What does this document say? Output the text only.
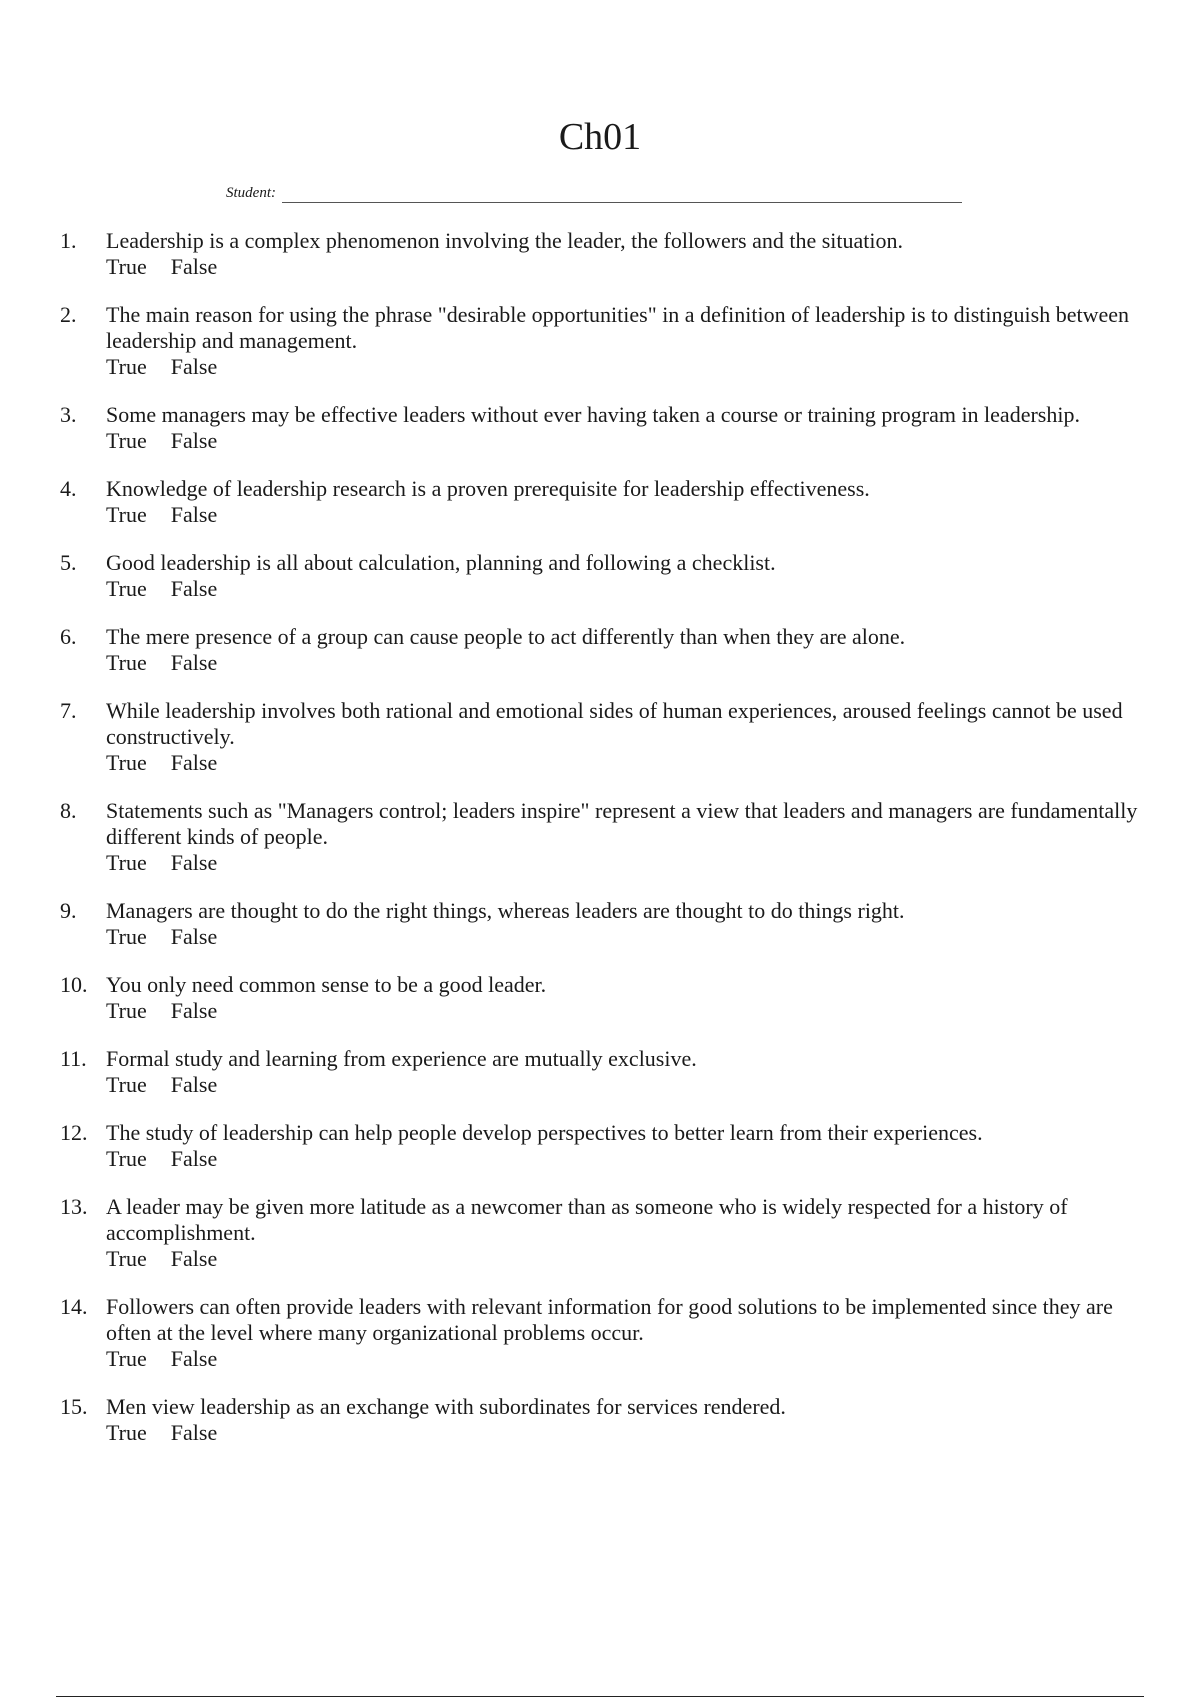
Ch01
Student:
1.	Leadership is a complex phenomenon involving the leader, the followers and the situation.
True False
2.	The main reason for using the phrase "desirable opportunities" in a definition of leadership is to distinguish between leadership and management.
True False
3.	Some managers may be effective leaders without ever having taken a course or training program in leadership.
True False
4.	Knowledge of leadership research is a proven prerequisite for leadership effectiveness.
True False
5.	Good leadership is all about calculation, planning and following a checklist.
True False
6.	The mere presence of a group can cause people to act differently than when they are alone.
True False
7.	While leadership involves both rational and emotional sides of human experiences, aroused feelings cannot be used constructively.
True False
8.	Statements such as "Managers control; leaders inspire" represent a view that leaders and managers are fundamentally different kinds of people.
True False
9.	Managers are thought to do the right things, whereas leaders are thought to do things right.
True False
10. You only need common sense to be a good leader.
True False
11. Formal study and learning from experience are mutually exclusive.
True False
12. The study of leadership can help people develop perspectives to better learn from their experiences.
True False
13. A leader may be given more latitude as a newcomer than as someone who is widely respected for a history of accomplishment.
True False
14. Followers can often provide leaders with relevant information for good solutions to be implemented since they are often at the level where many organizational problems occur.
True False
15. Men view leadership as an exchange with subordinates for services rendered.
True False
